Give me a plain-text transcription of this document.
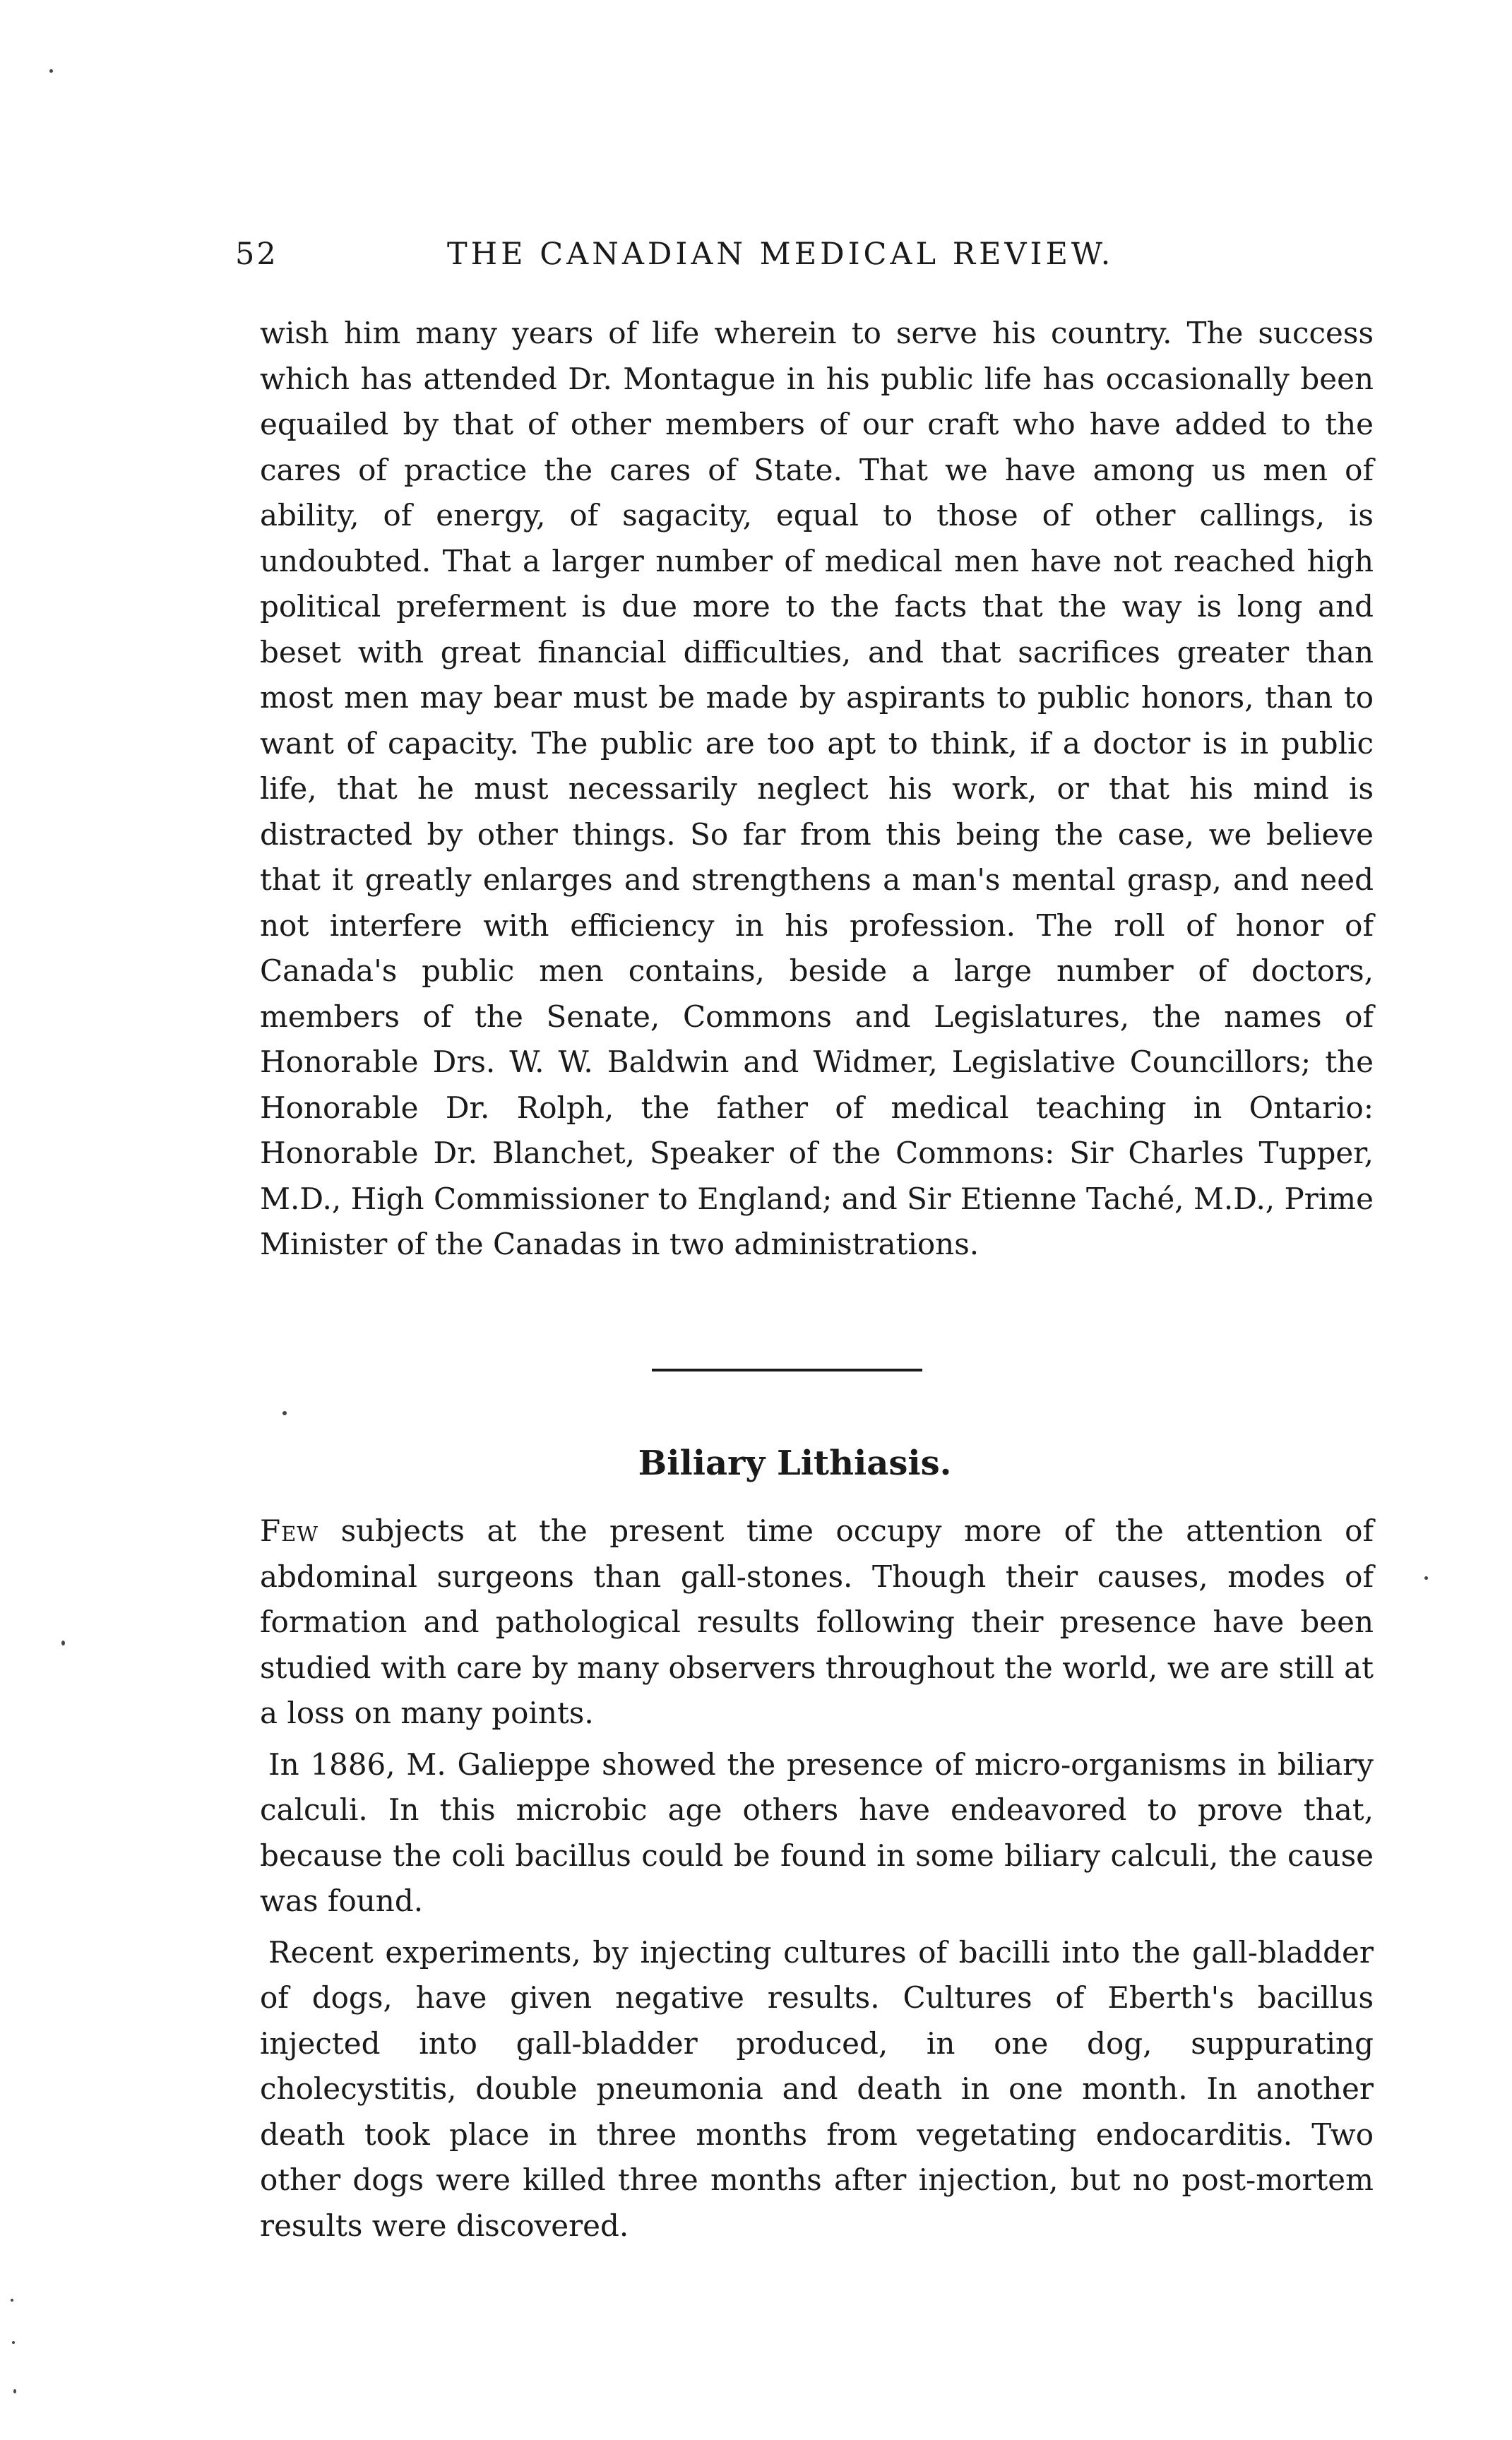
52	THE CANADIAN MEDICAL REVIEW.

wish him many years of life wherein to serve his country. The success which has attended Dr. Montague in his public life has occasionally been equailed by that of other members of our craft who have added to the cares of practice the cares of State. That we have among us men of ability, of energy, of sagacity, equal to those of other callings, is undoubted. That a larger number of medical men have not reached high political preferment is due more to the facts that the way is long and beset with great financial difficulties, and that sacrifices greater than most men may bear must be made by aspirants to public honors, than to want of capacity. The public are too apt to think, if a doctor is in public life, that he must necessarily neglect his work, or that his mind is distracted by other things. So far from this being the case, we believe that it greatly enlarges and strengthens a man's mental grasp, and need not interfere with efficiency in his profession. The roll of honor of Canada's public men contains, beside a large number of doctors, members of the Senate, Commons and Legislatures, the names of Honorable Drs. W. W. Baldwin and Widmer, Legislative Councillors; the Honorable Dr. Rolph, the father of medical teaching in Ontario: Honorable Dr. Blanchet, Speaker of the Commons: Sir Charles Tupper, M.D., High Commissioner to England; and Sir Etienne Taché, M.D., Prime Minister of the Canadas in two administrations.

Biliary Lithiasis.

Few subjects at the present time occupy more of the attention of abdominal surgeons than gall-stones. Though their causes, modes of formation and pathological results following their presence have been studied with care by many observers throughout the world, we are still at a loss on many points.

In 1886, M. Galieppe showed the presence of micro-organisms in biliary calculi. In this microbic age others have endeavored to prove that, because the coli bacillus could be found in some biliary calculi, the cause was found.

Recent experiments, by injecting cultures of bacilli into the gall-bladder of dogs, have given negative results. Cultures of Eberth's bacillus injected into gall-bladder produced, in one dog, suppurating cholecystitis, double pneumonia and death in one month. In another death took place in three months from vegetating endocarditis. Two other dogs were killed three months after injection, but no post-mortem results were discovered.
